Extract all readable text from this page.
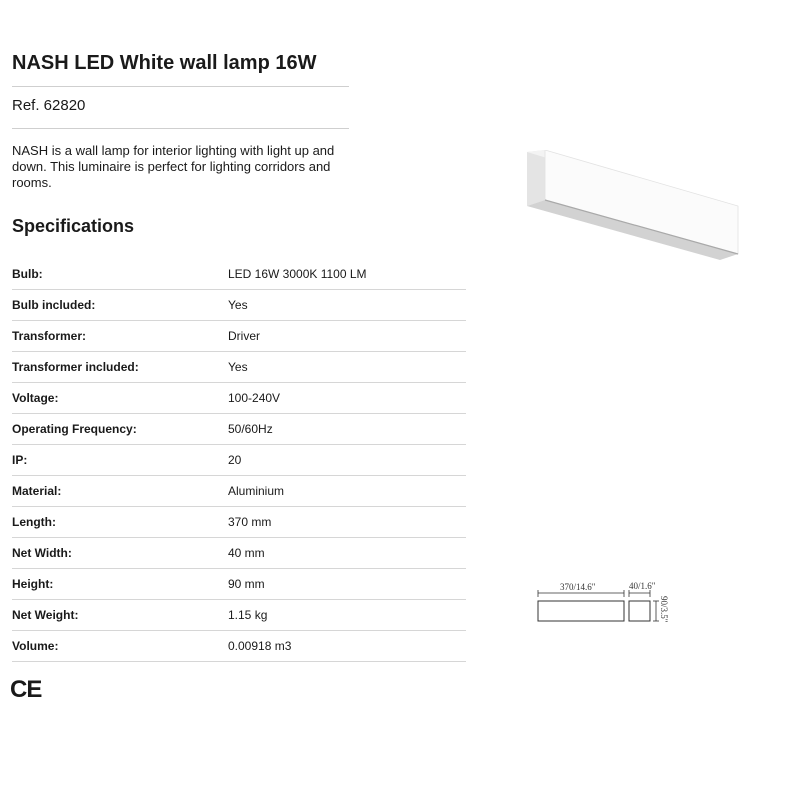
NASH LED White wall lamp 16W
Ref. 62820
NASH is a wall lamp for interior lighting with light up and down. This luminaire is perfect for lighting corridors and rooms.
Specifications
Bulb:	LED 16W 3000K 1100 LM
Bulb included:	Yes
Transformer:	Driver
Transformer included:	Yes
Voltage:	100-240V
Operating Frequency:	50/60Hz
IP:	20
Material:	Aluminium
Length:	370 mm
Net Width:	40 mm
Height:	90 mm
Net Weight:	1.15 kg
Volume:	0.00918 m3
CE
370/14.6"	40/1.6"
90/3.5"
